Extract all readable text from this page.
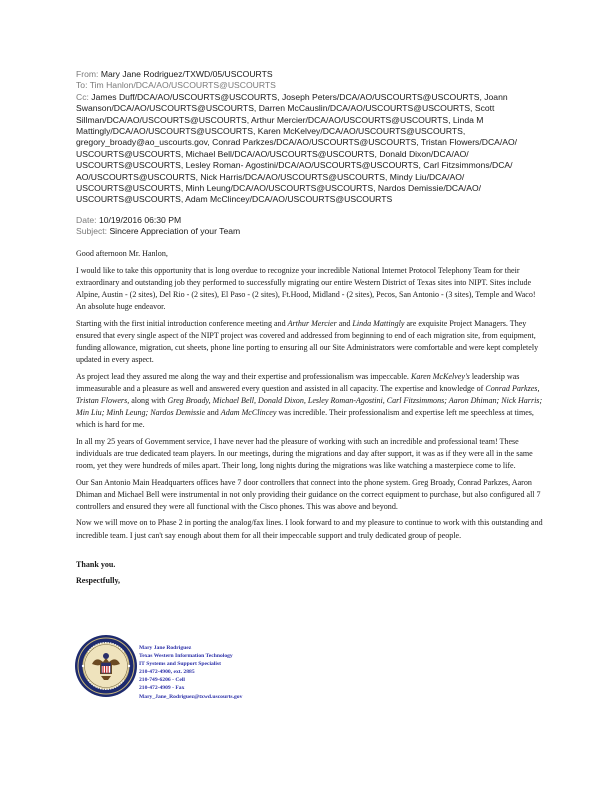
From: Mary Jane Rodriguez/TXWD/05/USCOURTS
To: Tim Hanlon/DCA/AO/USCOURTS@USCOURTS
Cc: James Duff/DCA/AO/USCOURTS@USCOURTS, Joseph Peters/DCA/AO/USCOURTS@USCOURTS, Joann
Swanson/DCA/AO/USCOURTS@USCOURTS, Darren McCauslin/DCA/AO/USCOURTS@USCOURTS, Scott
Sillman/DCA/AO/USCOURTS@USCOURTS, Arthur Mercier/DCA/AO/USCOURTS@USCOURTS, Linda M
Mattingly/DCA/AO/USCOURTS@USCOURTS, Karen McKelvey/DCA/AO/USCOURTS@USCOURTS,
gregory_broady@ao_uscourts.gov, Conrad Parkzes/DCA/AO/USCOURTS@USCOURTS, Tristan Flowers/DCA/AO/
USCOURTS@USCOURTS, Michael Bell/DCA/AO/USCOURTS@USCOURTS, Donald Dixon/DCA/AO/
USCOURTS@USCOURTS, Lesley Roman- Agostini/DCA/AO/USCOURTS@USCOURTS, Carl Fitzsimmons/DCA/
AO/USCOURTS@USCOURTS, Nick Harris/DCA/AO/USCOURTS@USCOURTS, Mindy Liu/DCA/AO/
USCOURTS@USCOURTS, Minh Leung/DCA/AO/USCOURTS@USCOURTS, Nardos Demissie/DCA/AO/
USCOURTS@USCOURTS, Adam McClincey/DCA/AO/USCOURTS@USCOURTS
Date: 10/19/2016 06:30 PM
Subject: Sincere Appreciation of your Team

Good afternoon Mr. Hanlon,

I would like to take this opportunity that is long overdue to recognize your incredible National Internet Protocol Telephony Team for their extraordinary and outstanding job they performed to successfully migrating our entire Western District of Texas sites into NIPT. Sites include Alpine, Austin - (2 sites), Del Rio - (2 sites), El Paso - (2 sites), Ft.Hood, Midland - (2 sites), Pecos, San Antonio - (3 sites), Temple and Waco! An absolute huge endeavor.

Starting with the first initial introduction conference meeting and Arthur Mercier and Linda Mattingly are exquisite Project Managers. They ensured that every single aspect of the NIPT project was covered and addressed from beginning to end of each migration site, from equipment, funding allowance, migration, cut sheets, phone line porting to ensuring all our Site Administrators were comfortable and were kept completely updated in every aspect.

As project lead they assured me along the way and their expertise and professionalism was impeccable. Karen McKelvey's leadership was immeasurable and a pleasure as well and answered every question and assisted in all capacity. The expertise and knowledge of Conrad Parkzes, Tristan Flowers, along with Greg Broady, Michael Bell, Donald Dixon, Lesley Roman-Agostini, Carl Fitzsimmons; Aaron Dhiman; Nick Harris; Min Liu; Minh Leung; Nardos Demissie and Adam McClincey was incredible. Their professionalism and expertise left me speechless at times, which is hard for me.

In all my 25 years of Government service, I have never had the pleasure of working with such an incredible and professional team! These individuals are true dedicated team players. In our meetings, during the migrations and day after support, it was as if they were all in the same room, yet they were hundreds of miles apart. Their long, long nights during the migrations was like watching a masterpiece come to life.

Our San Antonio Main Headquarters offices have 7 door controllers that connect into the phone system. Greg Broady, Conrad Parkzes, Aaron Dhiman and Michael Bell were instrumental in not only providing their guidance on the correct equipment to purchase, but also configured all 7 controllers and ensured they were all functional with the Cisco phones. This was above and beyond.

Now we will move on to Phase 2 in porting the analog/fax lines. I look forward to and my pleasure to continue to work with this outstanding and incredible team. I just can't say enough about them for all their impeccable support and truly dedicated group of people.

Thank you.

Respectfully,

Mary Jane Rodriguez
Texas Western Information Technology
IT Systems and Support Specialist
210-472-4900, ext. 2885
210-749-6206 - Cell
210-472-4909 - Fax
Mary_Jane_Rodriguez@txwd.uscourts.gov
